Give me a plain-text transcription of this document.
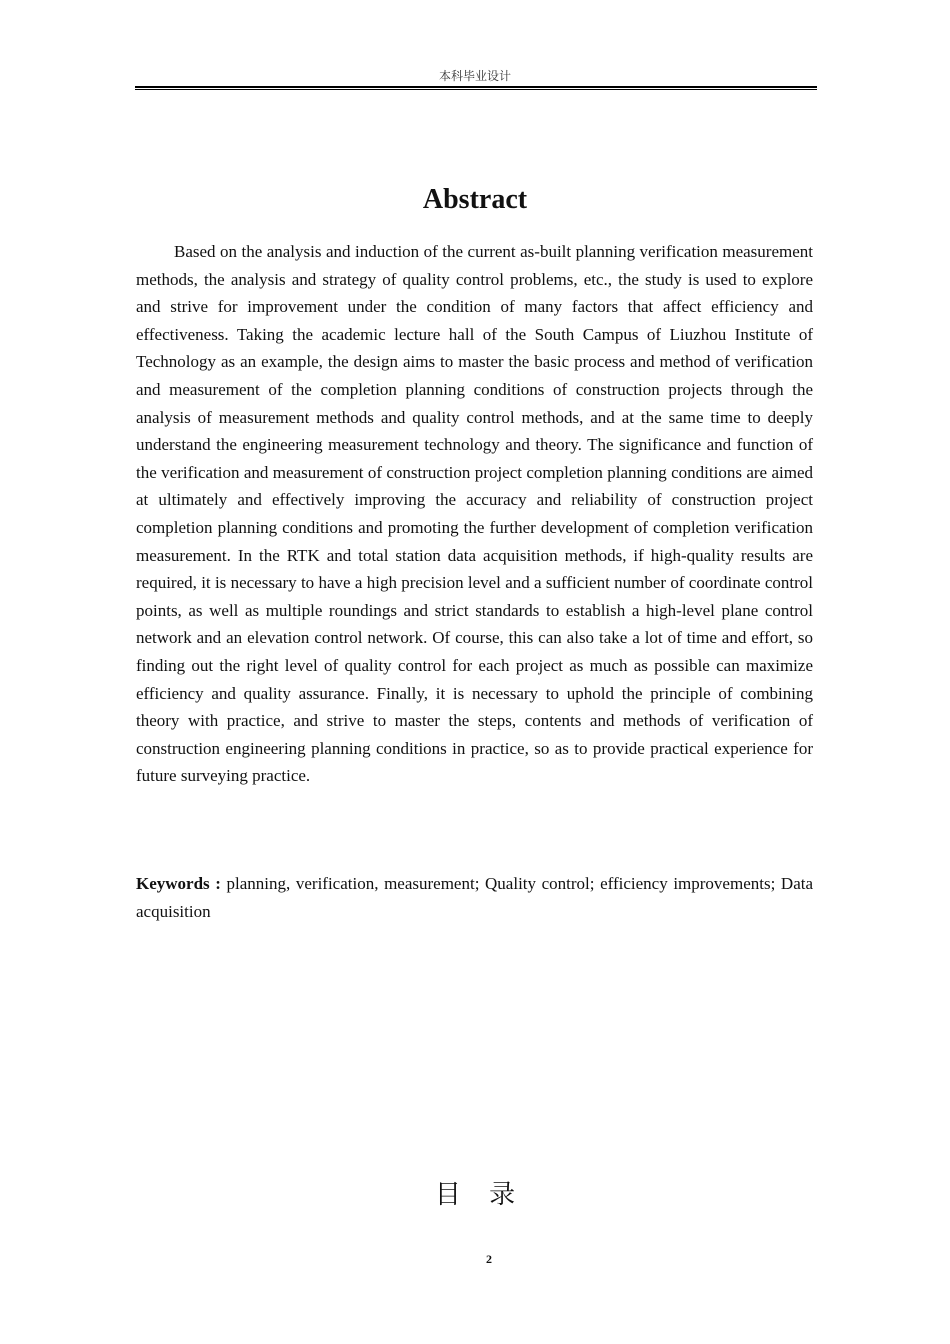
本科毕业设计
Abstract

Based on the analysis and induction of the current as-built planning verification measurement methods, the analysis and strategy of quality control problems, etc., the study is used to explore and strive for improvement under the condition of many factors that affect efficiency and effectiveness. Taking the academic lecture hall of the South Campus of Liuzhou Institute of Technology as an example, the design aims to master the basic process and method of verification and measurement of the completion planning conditions of construction projects through the analysis of measurement methods and quality control methods, and at the same time to deeply understand the engineering measurement technology and theory. The significance and function of the verification and measurement of construction project completion planning conditions are aimed at ultimately and effectively improving the accuracy and reliability of construction project completion planning conditions and promoting the further development of completion verification measurement. In the RTK and total station data acquisition methods, if high-quality results are required, it is necessary to have a high precision level and a sufficient number of coordinate control points, as well as multiple roundings and strict standards to establish a high-level plane control network and an elevation control network. Of course, this can also take a lot of time and effort, so finding out the right level of quality control for each project as much as possible can maximize efficiency and quality assurance. Finally, it is necessary to uphold the principle of combining theory with practice, and strive to master the steps, contents and methods of verification of construction engineering planning conditions in practice, so as to provide practical experience for future surveying practice.

Keywords : planning, verification, measurement; Quality control; efficiency improvements; Data acquisition

目 录
2
